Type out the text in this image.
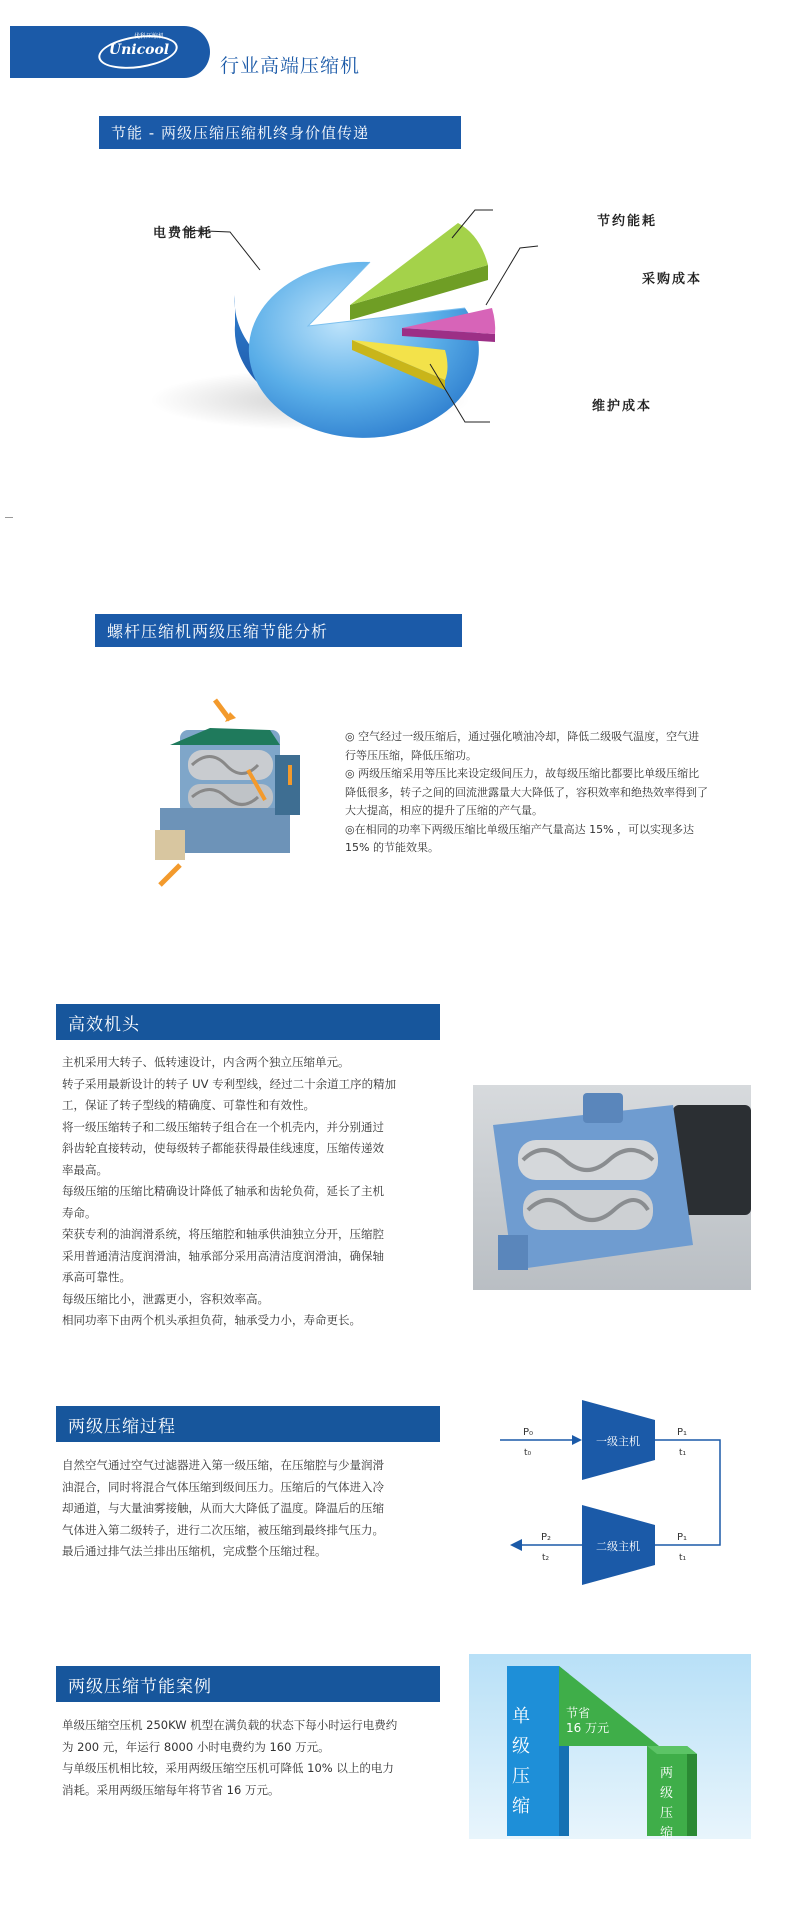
优科压缩机
Unicool
行业高端压缩机
节能 - 两级压缩压缩机终身价值传递
电费能耗
节约能耗
采购成本
维护成本
螺杆压缩机两级压缩节能分析

◎ 空气经过一级压缩后，通过强化喷油冷却，降低二级吸气温度，空气进

行等压压缩，降低压缩功。

◎ 两级压缩采用等压比来设定级间压力，故每级压缩比都要比单级压缩比

降低很多，转子之间的回流泄露量大大降低了，容积效率和绝热效率得到了

大大提高，相应的提升了压缩的产气量。

◎在相同的功率下两级压缩比单级压缩产气量高达 15% ，可以实现多达

15% 的节能效果。

高效机头

主机采用大转子、低转速设计，内含两个独立压缩单元。

转子采用最新设计的转子 UV 专利型线，经过二十余道工序的精加

工，保证了转子型线的精确度、可靠性和有效性。

将一级压缩转子和二级压缩转子组合在一个机壳内，并分别通过

斜齿轮直接转动，使每级转子都能获得最佳线速度，压缩传递效

率最高。

每级压缩的压缩比精确设计降低了轴承和齿轮负荷，延长了主机

寿命。

荣获专利的油润滑系统，将压缩腔和轴承供油独立分开，压缩腔

采用普通清洁度润滑油，轴承部分采用高清洁度润滑油，确保轴

承高可靠性。

每级压缩比小，泄露更小，容积效率高。

相同功率下由两个机头承担负荷，轴承受力小，寿命更长。

两级压缩过程

自然空气通过空气过滤器进入第一级压缩，在压缩腔与少量润滑

油混合，同时将混合气体压缩到级间压力。压缩后的气体进入冷

却通道，与大量油雾接触，从而大大降低了温度。降温后的压缩

气体进入第二级转子，进行二次压缩，被压缩到最终排气压力。

最后通过排气法兰排出压缩机，完成整个压缩过程。

一级主机
二级主机
P₀
t₀
P₁
t₁
P₁
t₁
P₂
t₂
两级压缩节能案例

单级压缩空压机 250KW 机型在满负载的状态下每小时运行电费约

为 200 元，年运行 8000 小时电费约为 160 万元。

与单级压机相比较，采用两级压缩空压机可降低 10% 以上的电力

消耗。采用两级压缩每年将节省 16 万元。

单级压缩
两级压缩
节省
16 万元
